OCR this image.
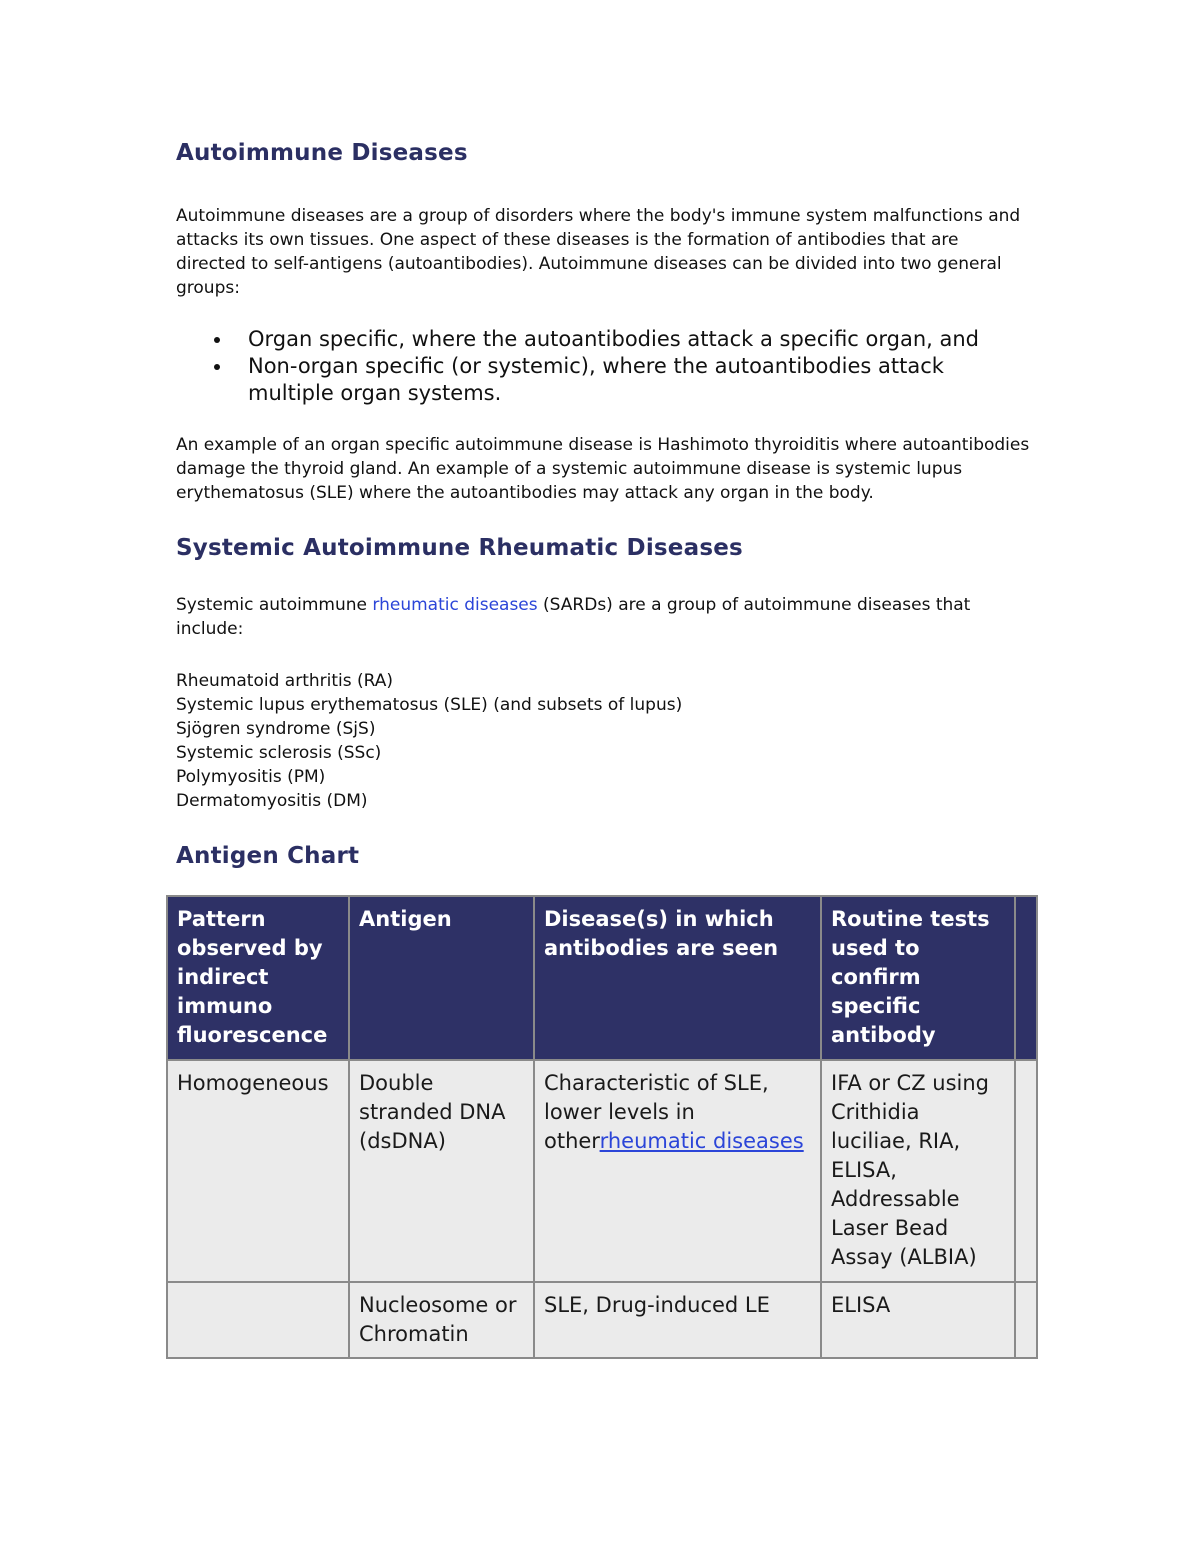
Autoimmune Diseases

Autoimmune diseases are a group of disorders where the body's immune system malfunctions and attacks its own tissues. One aspect of these diseases is the formation of antibodies that are directed to self-antigens (autoantibodies). Autoimmune diseases can be divided into two general groups:

Organ specific, where the autoantibodies attack a specific organ, and
Non-organ specific (or systemic), where the autoantibodies attack multiple organ systems.

An example of an organ specific autoimmune disease is Hashimoto thyroiditis where autoantibodies damage the thyroid gland. An example of a systemic autoimmune disease is systemic lupus erythematosus (SLE) where the autoantibodies may attack any organ in the body.

Systemic Autoimmune Rheumatic Diseases

Systemic autoimmune rheumatic diseases (SARDs) are a group of autoimmune diseases that include:

Rheumatoid arthritis (RA)
Systemic lupus erythematosus (SLE) (and subsets of lupus)
Sjögren syndrome (SjS)
Systemic sclerosis (SSc)
Polymyositis (PM)
Dermatomyositis (DM)
Antigen Chart
Pattern observed by indirect immuno fluorescence	Antigen	Disease(s) in which antibodies are seen	Routine tests used to confirm specific antibody	
Homogeneous	Double stranded DNA (dsDNA)	Characteristic of SLE, lower levels in otherrheumatic diseases	IFA or CZ using Crithidia luciliae, RIA, ELISA, Addressable Laser Bead Assay (ALBIA)	
	Nucleosome or Chromatin	SLE, Drug-induced LE	ELISA	
